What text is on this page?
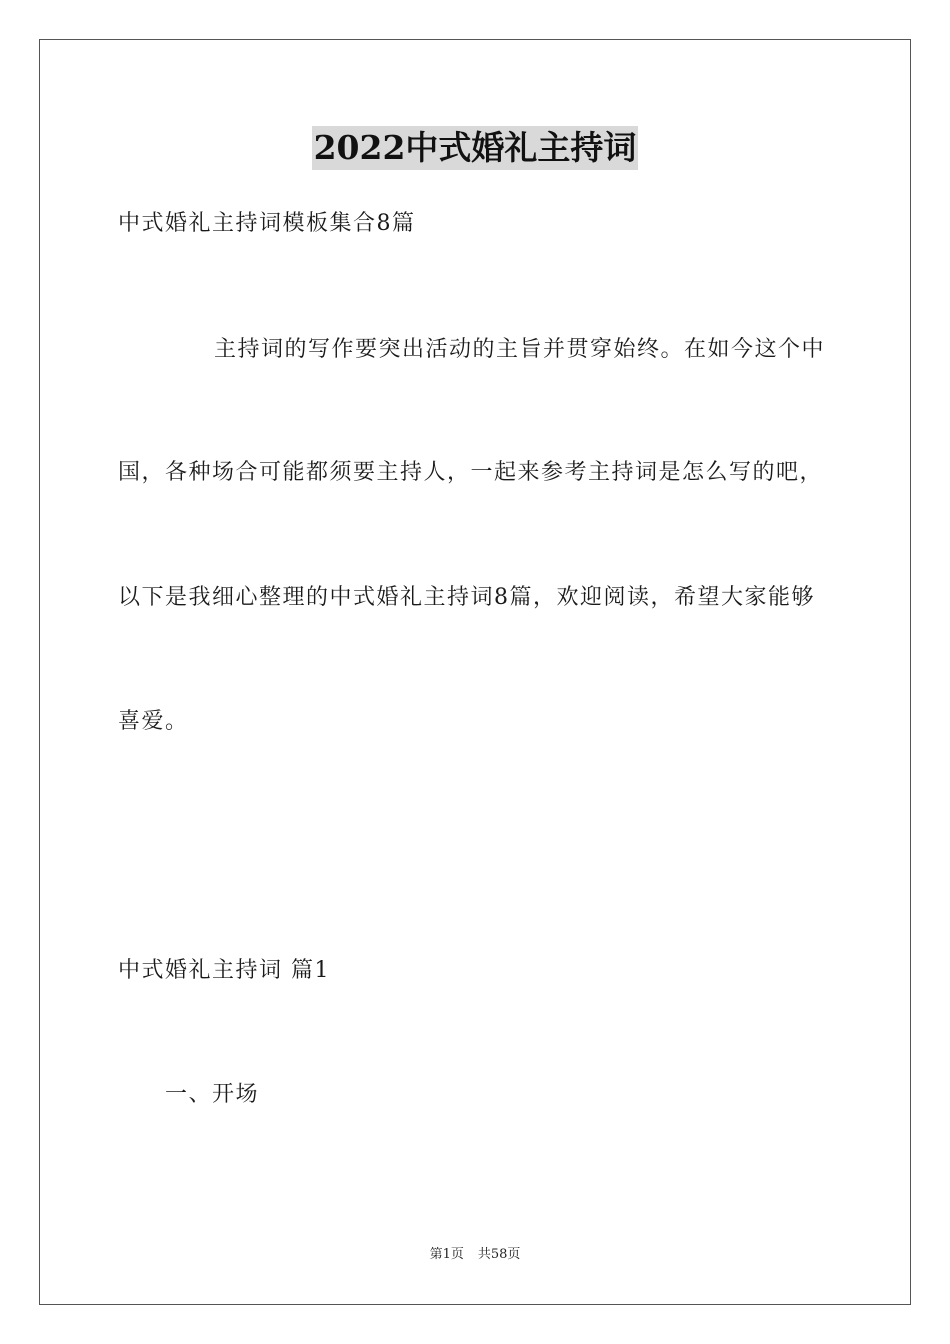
2022中式婚礼主持词
中式婚礼主持词模板集合8篇
主持词的写作要突出活动的主旨并贯穿始终。在如今这个中
国，各种场合可能都须要主持人，一起来参考主持词是怎么写的吧，
以下是我细心整理的中式婚礼主持词8篇，欢迎阅读，希望大家能够
喜爱。
中式婚礼主持词 篇1
一、开场
第1页 共58页
